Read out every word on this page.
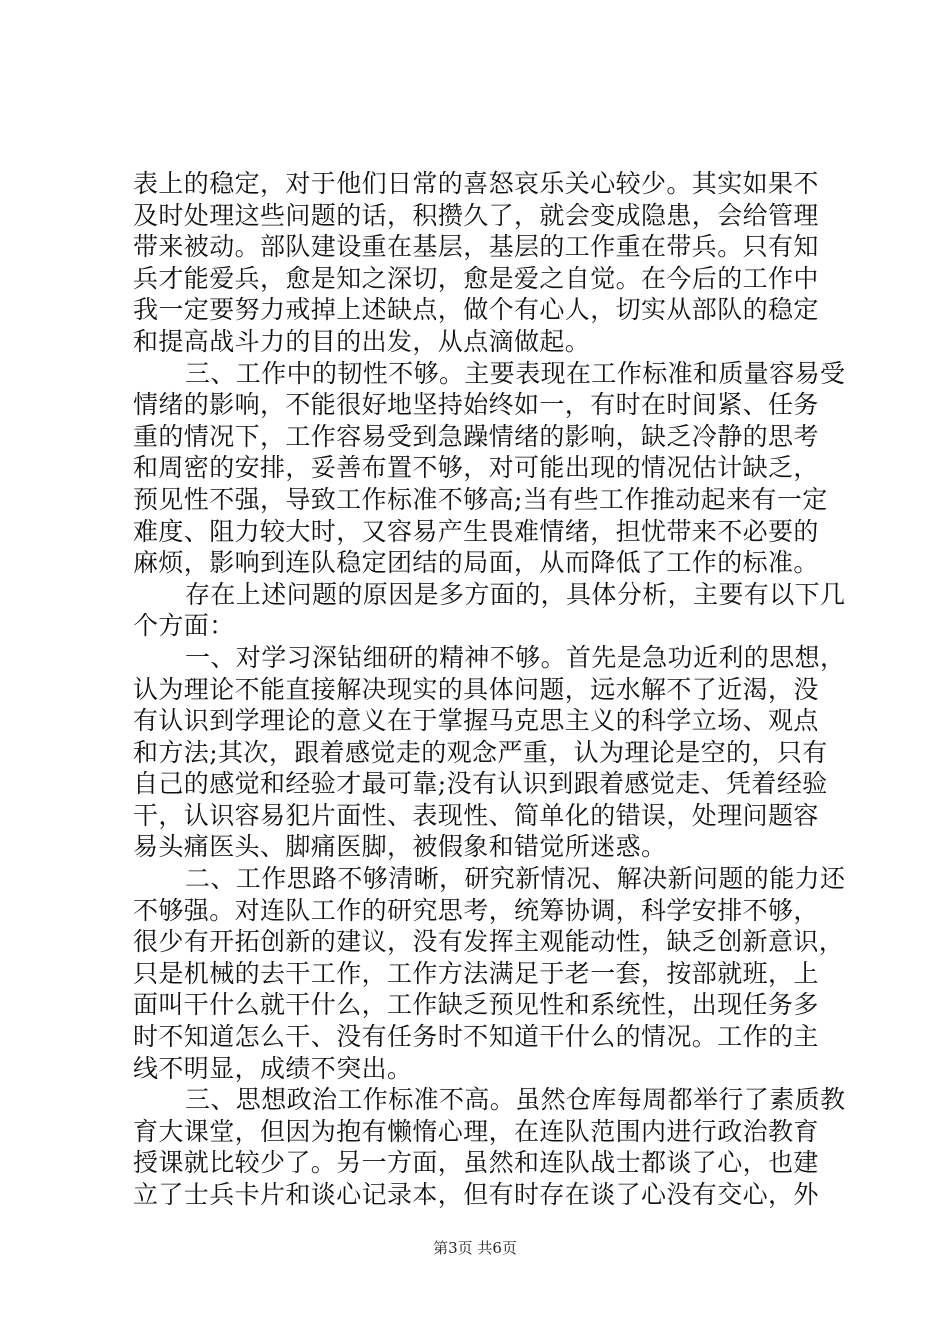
表上的稳定，对于他们日常的喜怒哀乐关心较少。其实如果不
及时处理这些问题的话，积攒久了，就会变成隐患，会给管理
带来被动。部队建设重在基层，基层的工作重在带兵。只有知
兵才能爱兵，愈是知之深切，愈是爱之自觉。在今后的工作中
我一定要努力戒掉上述缺点，做个有心人，切实从部队的稳定
和提高战斗力的目的出发，从点滴做起。
三、工作中的韧性不够。主要表现在工作标准和质量容易受
情绪的影响，不能很好地坚持始终如一，有时在时间紧、任务
重的情况下，工作容易受到急躁情绪的影响，缺乏冷静的思考
和周密的安排，妥善布置不够，对可能出现的情况估计缺乏，
预见性不强，导致工作标准不够高;当有些工作推动起来有一定
难度、阻力较大时，又容易产生畏难情绪，担忧带来不必要的
麻烦，影响到连队稳定团结的局面，从而降低了工作的标准。
存在上述问题的原因是多方面的，具体分析，主要有以下几
个方面：
一、对学习深钻细研的精神不够。首先是急功近利的思想，
认为理论不能直接解决现实的具体问题，远水解不了近渴，没
有认识到学理论的意义在于掌握马克思主义的科学立场、观点
和方法;其次，跟着感觉走的观念严重，认为理论是空的，只有
自己的感觉和经验才最可靠;没有认识到跟着感觉走、凭着经验
干，认识容易犯片面性、表现性、简单化的错误，处理问题容
易头痛医头、脚痛医脚，被假象和错觉所迷惑。
二、工作思路不够清晰，研究新情况、解决新问题的能力还
不够强。对连队工作的研究思考，统筹协调，科学安排不够，
很少有开拓创新的建议，没有发挥主观能动性，缺乏创新意识，
只是机械的去干工作，工作方法满足于老一套，按部就班，上
面叫干什么就干什么，工作缺乏预见性和系统性，出现任务多
时不知道怎么干、没有任务时不知道干什么的情况。工作的主
线不明显，成绩不突出。
三、思想政治工作标准不高。虽然仓库每周都举行了素质教
育大课堂，但因为抱有懒惰心理，在连队范围内进行政治教育
授课就比较少了。另一方面，虽然和连队战士都谈了心，也建
立了士兵卡片和谈心记录本，但有时存在谈了心没有交心，外
第3页 共6页
